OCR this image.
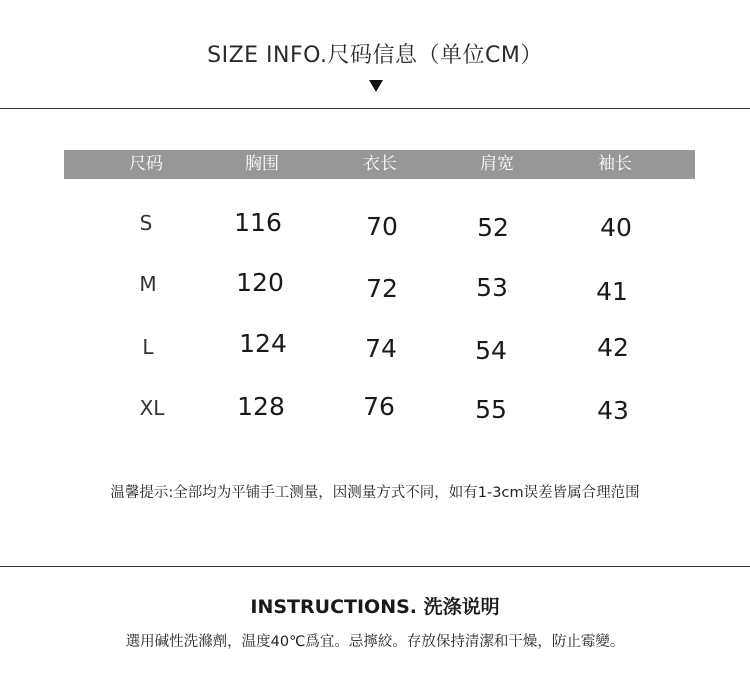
SIZE INFO.尺码信息（单位CM）
尺码	胸围	衣长	肩宽	袖长
S	116	70	52	40
M	120	72	53	41
L	124	74	54	42
XL	128	76	55	43
温馨提示:全部均为平铺手工测量，因测量方式不同，如有1-3cm误差皆属合理范围
INSTRUCTIONS. 洗涤说明
選用碱性洗滌劑，温度40℃爲宜。忌擰絞。存放保持清潔和干燥，防止霉變。
